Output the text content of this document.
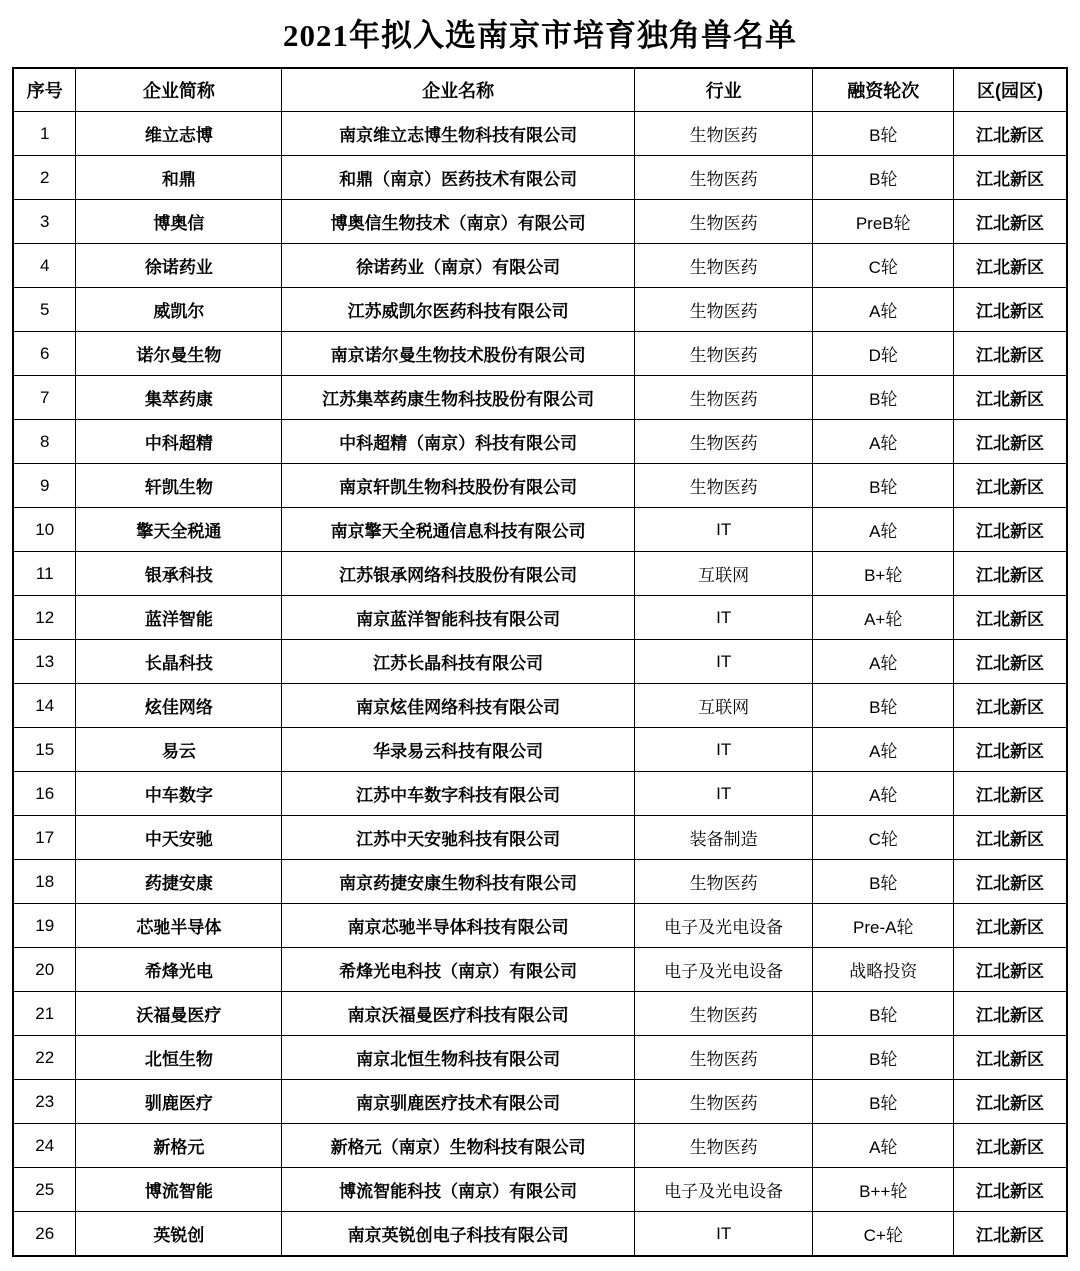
2021年拟入选南京市培育独角兽名单
序号	企业简称	企业名称	行业	融资轮次	区(园区)
1	维立志博	南京维立志博生物科技有限公司	生物医药	B轮	江北新区
2	和鼎	和鼎（南京）医药技术有限公司	生物医药	B轮	江北新区
3	博奥信	博奥信生物技术（南京）有限公司	生物医药	PreB轮	江北新区
4	徐诺药业	徐诺药业（南京）有限公司	生物医药	C轮	江北新区
5	威凯尔	江苏威凯尔医药科技有限公司	生物医药	A轮	江北新区
6	诺尔曼生物	南京诺尔曼生物技术股份有限公司	生物医药	D轮	江北新区
7	集萃药康	江苏集萃药康生物科技股份有限公司	生物医药	B轮	江北新区
8	中科超精	中科超精（南京）科技有限公司	生物医药	A轮	江北新区
9	轩凯生物	南京轩凯生物科技股份有限公司	生物医药	B轮	江北新区
10	擎天全税通	南京擎天全税通信息科技有限公司	IT	A轮	江北新区
11	银承科技	江苏银承网络科技股份有限公司	互联网	B+轮	江北新区
12	蓝洋智能	南京蓝洋智能科技有限公司	IT	A+轮	江北新区
13	长晶科技	江苏长晶科技有限公司	IT	A轮	江北新区
14	炫佳网络	南京炫佳网络科技有限公司	互联网	B轮	江北新区
15	易云	华录易云科技有限公司	IT	A轮	江北新区
16	中车数字	江苏中车数字科技有限公司	IT	A轮	江北新区
17	中天安驰	江苏中天安驰科技有限公司	装备制造	C轮	江北新区
18	药捷安康	南京药捷安康生物科技有限公司	生物医药	B轮	江北新区
19	芯驰半导体	南京芯驰半导体科技有限公司	电子及光电设备	Pre-A轮	江北新区
20	希烽光电	希烽光电科技（南京）有限公司	电子及光电设备	战略投资	江北新区
21	沃福曼医疗	南京沃福曼医疗科技有限公司	生物医药	B轮	江北新区
22	北恒生物	南京北恒生物科技有限公司	生物医药	B轮	江北新区
23	驯鹿医疗	南京驯鹿医疗技术有限公司	生物医药	B轮	江北新区
24	新格元	新格元（南京）生物科技有限公司	生物医药	A轮	江北新区
25	博流智能	博流智能科技（南京）有限公司	电子及光电设备	B++轮	江北新区
26	英锐创	南京英锐创电子科技有限公司	IT	C+轮	江北新区
